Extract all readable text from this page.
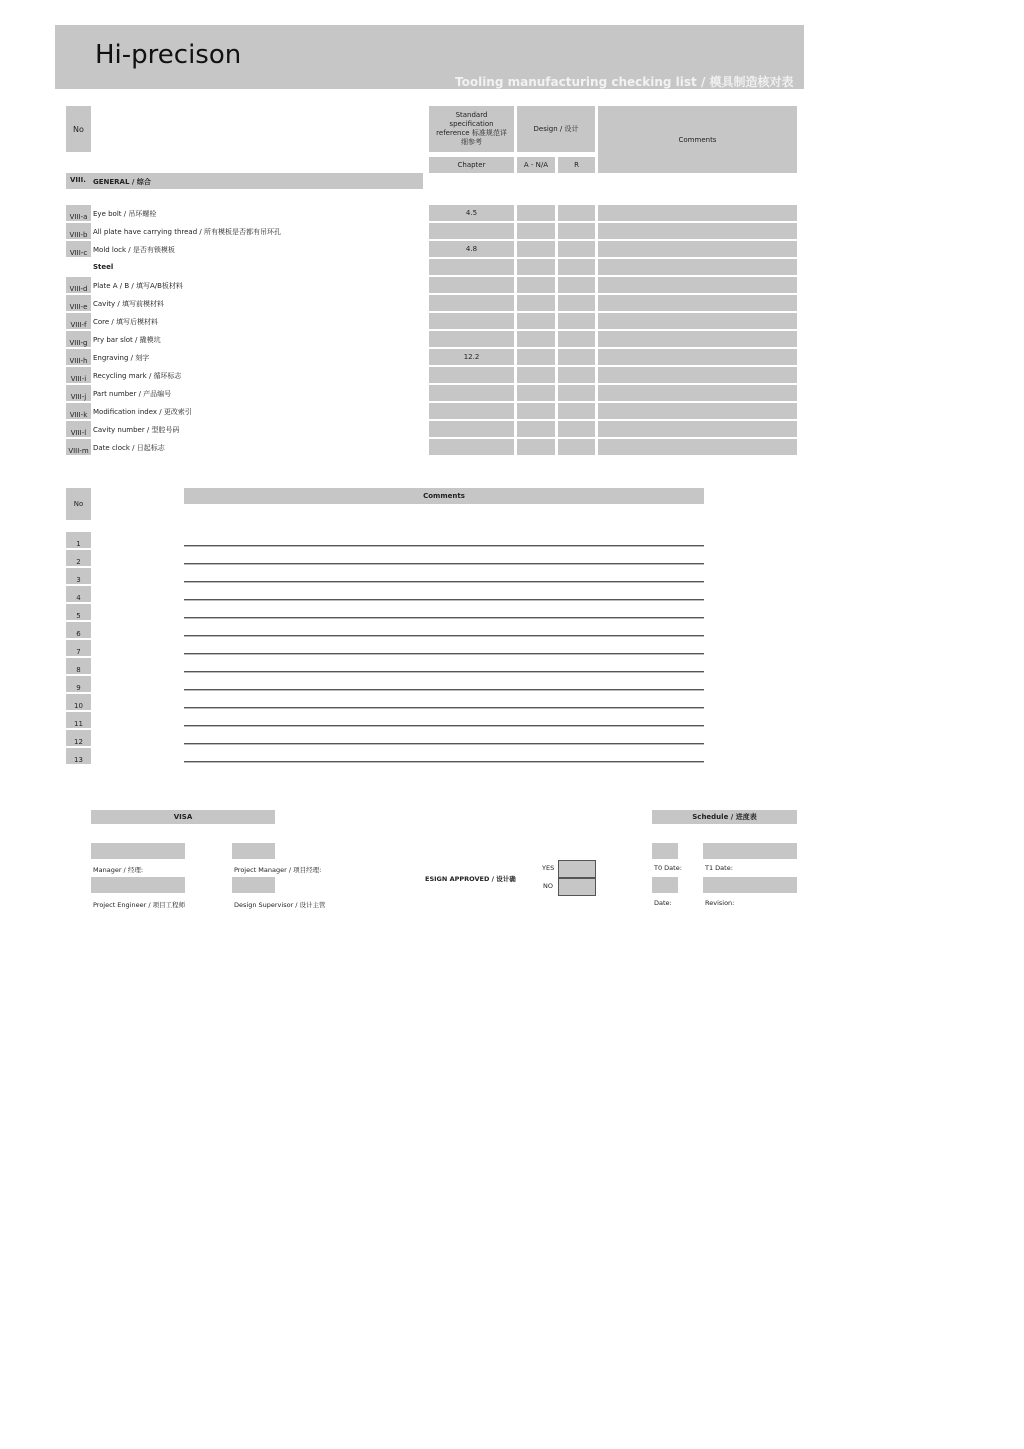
Hi-precison
Tooling manufacturing checking list / 模具制造核对表
No
Standard specification reference 标准规范详细参考
Design / 设计
Comments
Chapter	A - N/A	R
VIII. GENERAL / 综合
VIII-a Eye bolt / 吊环螺栓	4.5
VIII-b All plate have carrying thread / 所有模板是否都有吊环孔
VIII-c Mold lock / 是否有锁模板	4.8
Steel
VIII-d Plate A / B / 填写A/B板材料
VIII-e Cavity / 填写前模材料
VIII-f Core / 填写后模材料
VIII-g Pry bar slot / 撬模坑
VIII-h Engraving / 刻字	12.2
VIII-i Recycling mark / 循环标志
VIII-j Part number / 产品编号
VIII-k Modification index / 更改索引
VIII-l Cavity number / 型腔号码
VIII-m Date clock / 日起标志
No
Comments
1
2
3
4
5
6
7
8
9
10
11
12
13
VISA	Schedule / 进度表
Manager / 经理:	Project Manager / 项目经理:
Project Engineer / 项目工程师	Design Supervisor / 设计主管
ESIGN APPROVED / 设计确
YES
NO
T0 Date:	T1 Date:
Date:	Revision:
